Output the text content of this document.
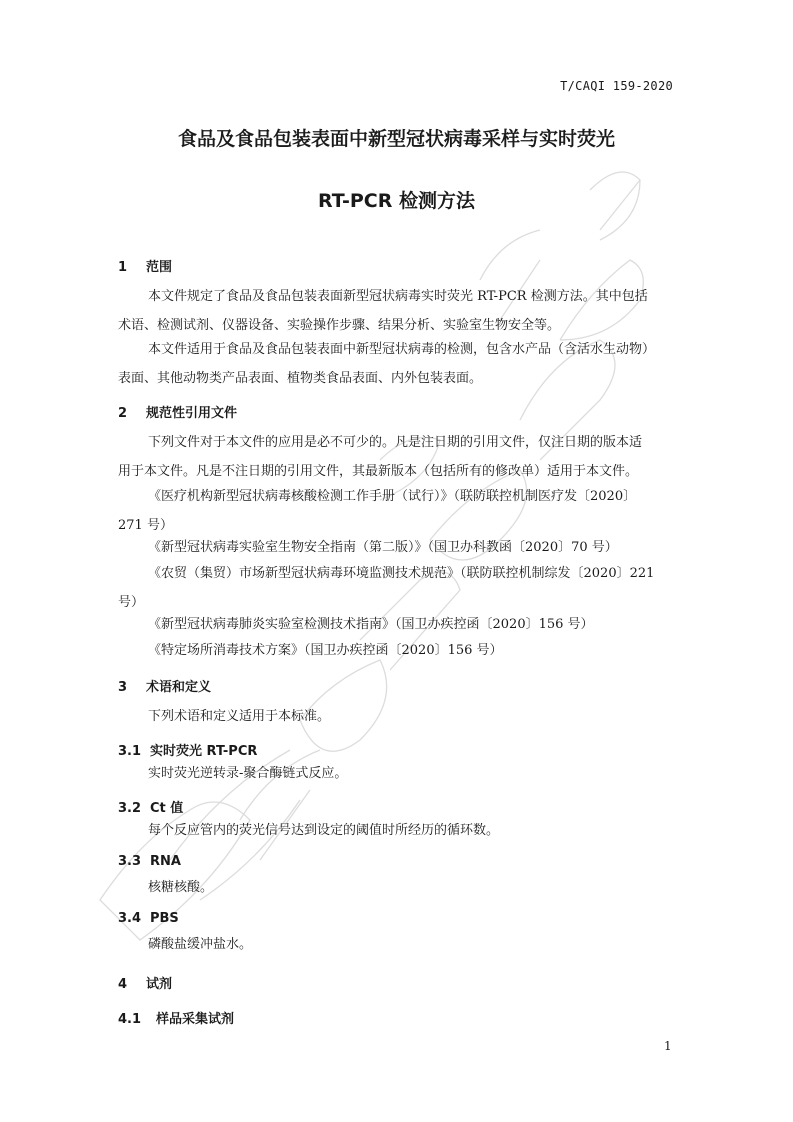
T/CAQI 159-2020
食品及食品包装表面中新型冠状病毒采样与实时荧光
RT-PCR 检测方法
1 范围
本文件规定了食品及食品包装表面新型冠状病毒实时荧光 RT-PCR 检测方法。其中包括
术语、检测试剂、仪器设备、实验操作步骤、结果分析、实验室生物安全等。
本文件适用于食品及食品包装表面中新型冠状病毒的检测，包含水产品（含活水生动物）
表面、其他动物类产品表面、植物类食品表面、内外包装表面。
2 规范性引用文件
下列文件对于本文件的应用是必不可少的。凡是注日期的引用文件，仅注日期的版本适
用于本文件。凡是不注日期的引用文件，其最新版本（包括所有的修改单）适用于本文件。
《医疗机构新型冠状病毒核酸检测工作手册（试行）》（联防联控机制医疗发〔2020〕
271 号）
《新型冠状病毒实验室生物安全指南（第二版）》（国卫办科教函〔2020〕70 号）
《农贸（集贸）市场新型冠状病毒环境监测技术规范》（联防联控机制综发〔2020〕221
号）
《新型冠状病毒肺炎实验室检测技术指南》（国卫办疾控函〔2020〕156 号）
《特定场所消毒技术方案》（国卫办疾控函〔2020〕156 号）
3 术语和定义
下列术语和定义适用于本标准。
3.1 实时荧光 RT-PCR
实时荧光逆转录-聚合酶链式反应。
3.2 Ct 值
每个反应管内的荧光信号达到设定的阈值时所经历的循环数。
3.3 RNA
核糖核酸。
3.4 PBS
磷酸盐缓冲盐水。
4 试剂
4.1 样品采集试剂
1
